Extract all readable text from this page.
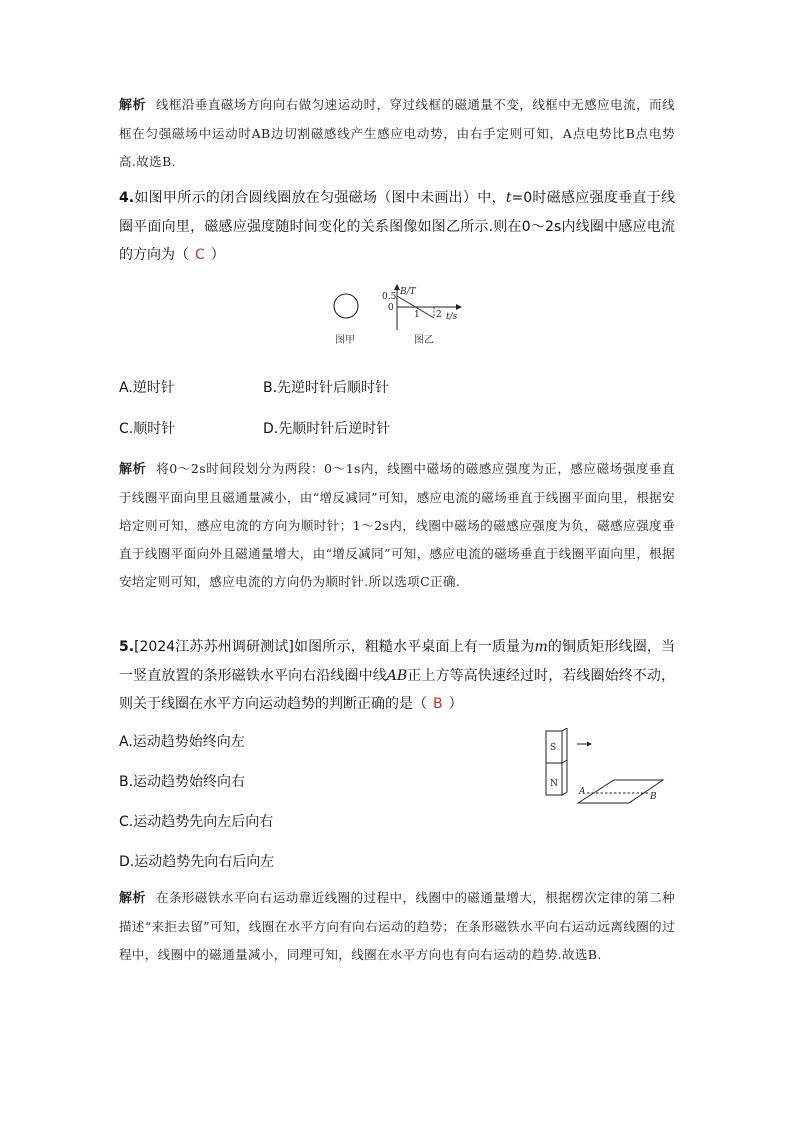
解析 线框沿垂直磁场方向向右做匀速运动时，穿过线框的磁通量不变，线框中无感应电流，而线框在匀强磁场中运动时AB边切割磁感线产生感应电动势，由右手定则可知，A点电势比B点电势高.故选B.
4.如图甲所示的闭合圆线圈放在匀强磁场（图中未画出）中，t=0时磁感应强度垂直于线圈平面向里，磁感应强度随时间变化的关系图像如图乙所示.则在0～2s内线圈中感应电流的方向为（ C ）
图甲
B/T
0.5
0
1 2 t/s
图乙
A.逆时针	B.先逆时针后顺时针
C.顺时针	D.先顺时针后逆时针
解析 将0～2s时间段划分为两段：0～1s内，线圈中磁场的磁感应强度为正，感应磁场强度垂直于线圈平面向里且磁通量减小，由“增反减同”可知，感应电流的磁场垂直于线圈平面向里，根据安培定则可知，感应电流的方向为顺时针；1～2s内，线圈中磁场的磁感应强度为负，磁感应强度垂直于线圈平面向外且磁通量增大，由“增反减同”可知，感应电流的磁场垂直于线圈平面向里，根据安培定则可知，感应电流的方向仍为顺时针.所以选项C正确.
5.[2024江苏苏州调研测试]如图所示，粗糙水平桌面上有一质量为m的铜质矩形线圈，当一竖直放置的条形磁铁水平向右沿线圈中线AB正上方等高快速经过时，若线圈始终不动，则关于线圈在水平方向运动趋势的判断正确的是（ B ）
A.运动趋势始终向左
B.运动趋势始终向右
C.运动趋势先向左后向右
D.运动趋势先向右后向左
S
N
A	B
解析 在条形磁铁水平向右运动靠近线圈的过程中，线圈中的磁通量增大，根据楞次定律的第二种描述“来拒去留”可知，线圈在水平方向有向右运动的趋势；在条形磁铁水平向右运动远离线圈的过程中，线圈中的磁通量减小，同理可知，线圈在水平方向也有向右运动的趋势.故选B.
